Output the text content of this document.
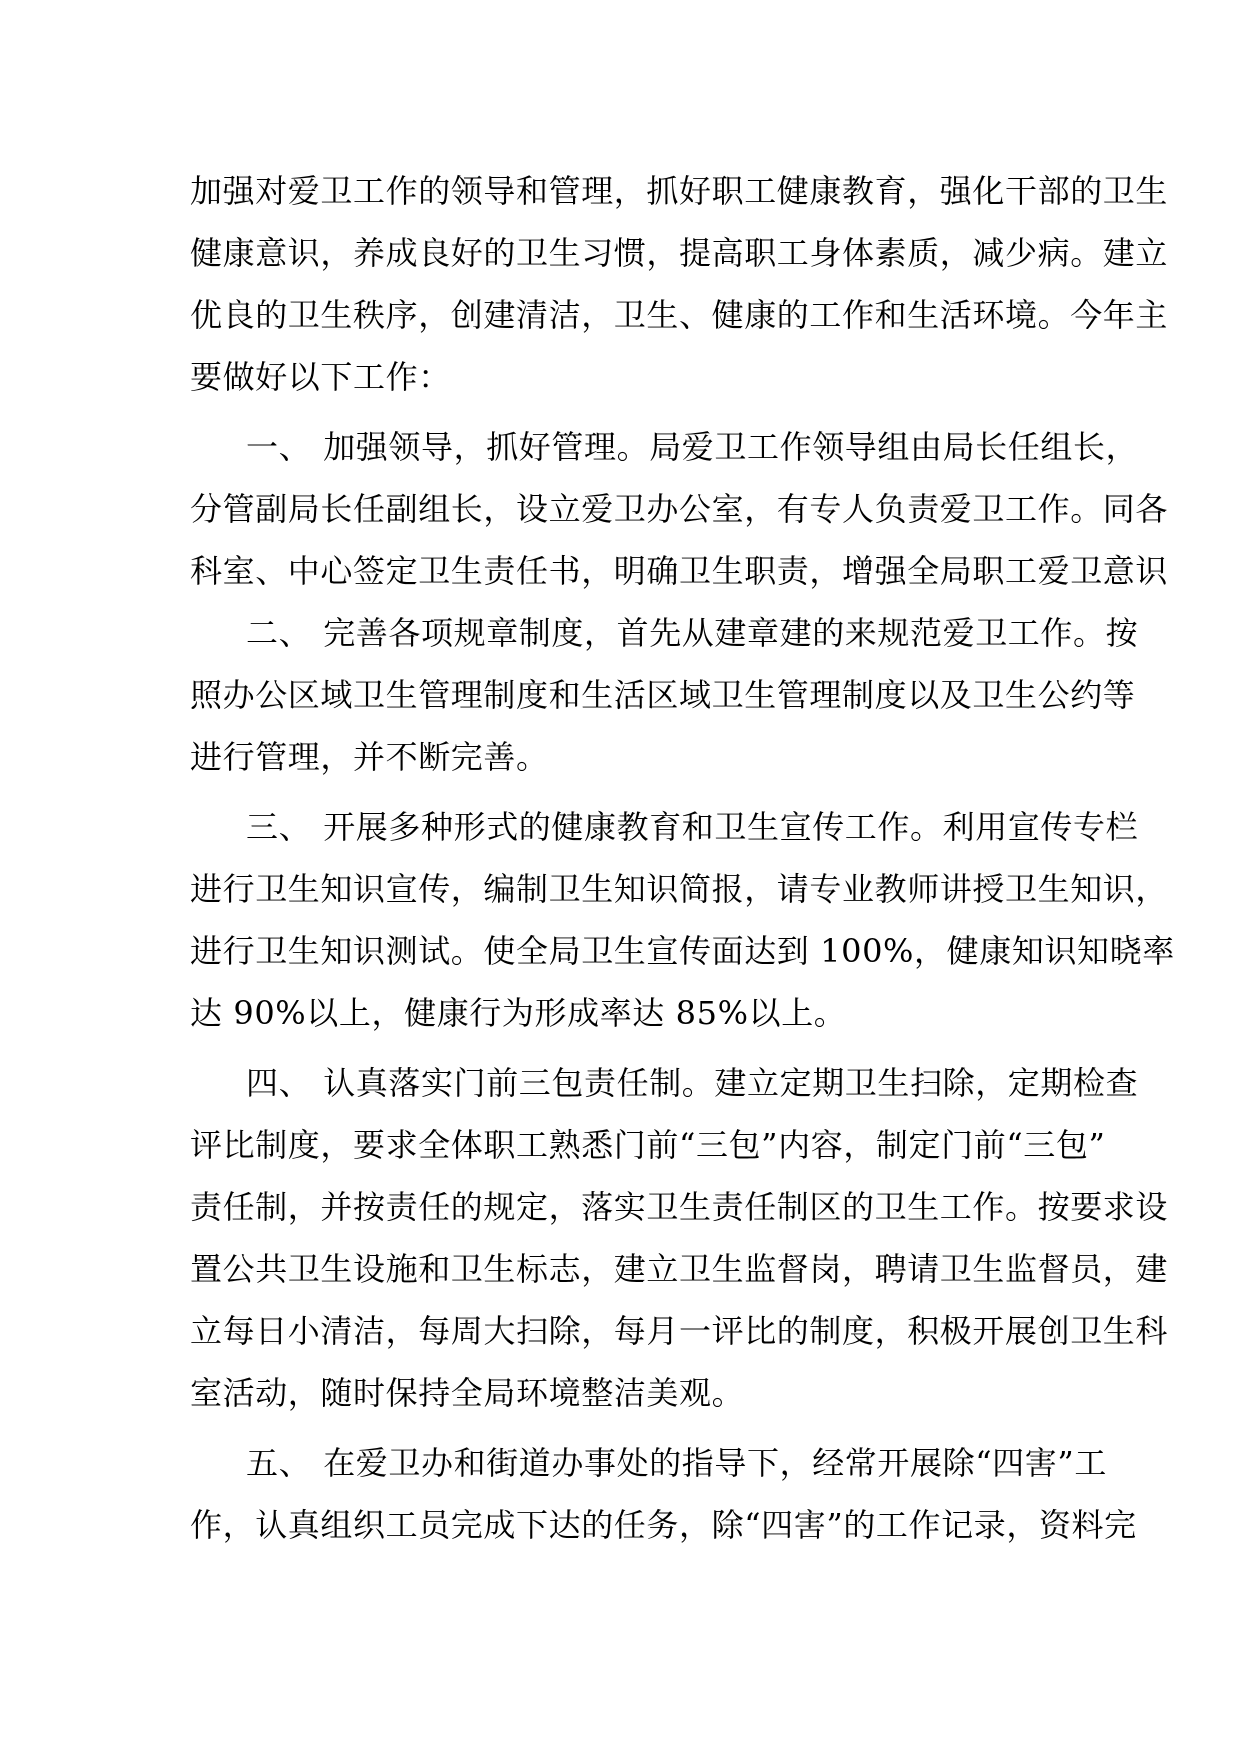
加强对爱卫工作的领导和管理，抓好职工健康教育，强化干部的卫生
健康意识，养成良好的卫生习惯，提高职工身体素质，减少病。建立
优良的卫生秩序，创建清洁，卫生、健康的工作和生活环境。今年主
要做好以下工作：
一、 加强领导，抓好管理。局爱卫工作领导组由局长任组长，
分管副局长任副组长，设立爱卫办公室，有专人负责爱卫工作。同各
科室、中心签定卫生责任书，明确卫生职责，增强全局职工爱卫意识
二、 完善各项规章制度，首先从建章建的来规范爱卫工作。按
照办公区域卫生管理制度和生活区域卫生管理制度以及卫生公约等
进行管理，并不断完善。
三、 开展多种形式的健康教育和卫生宣传工作。利用宣传专栏
进行卫生知识宣传，编制卫生知识简报，请专业教师讲授卫生知识，
进行卫生知识测试。使全局卫生宣传面达到 100%，健康知识知晓率
达 90%以上，健康行为形成率达 85%以上。
四、 认真落实门前三包责任制。建立定期卫生扫除，定期检查
评比制度，要求全体职工熟悉门前“三包”内容，制定门前“三包”
责任制，并按责任的规定，落实卫生责任制区的卫生工作。按要求设
置公共卫生设施和卫生标志，建立卫生监督岗，聘请卫生监督员，建
立每日小清洁，每周大扫除，每月一评比的制度，积极开展创卫生科
室活动，随时保持全局环境整洁美观。
五、 在爱卫办和街道办事处的指导下，经常开展除“四害”工
作，认真组织工员完成下达的任务，除“四害”的工作记录，资料完
